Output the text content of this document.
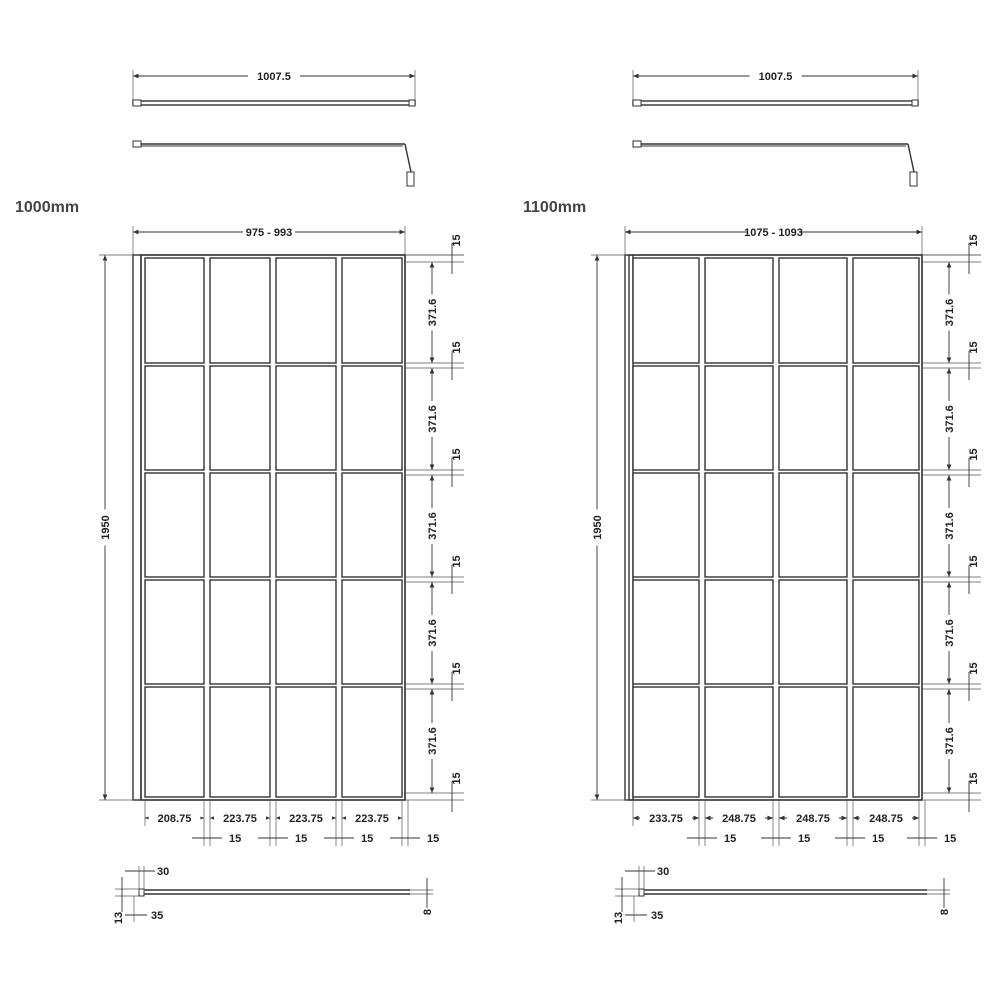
1000mm
1007.5
975 - 993
1950
15
15
15
15
15
15
371.6
371.6
371.6
371.6
371.6
208.75
15
223.75
15
223.75
15
223.75
15
13
30
35	8
1100mm
1007.5
1075 - 1093
1950
15
15
15
15
15
15
371.6
371.6
371.6
371.6
371.6
233.75
15
248.75
15
248.75
15
248.75
15
13
30
35	8
